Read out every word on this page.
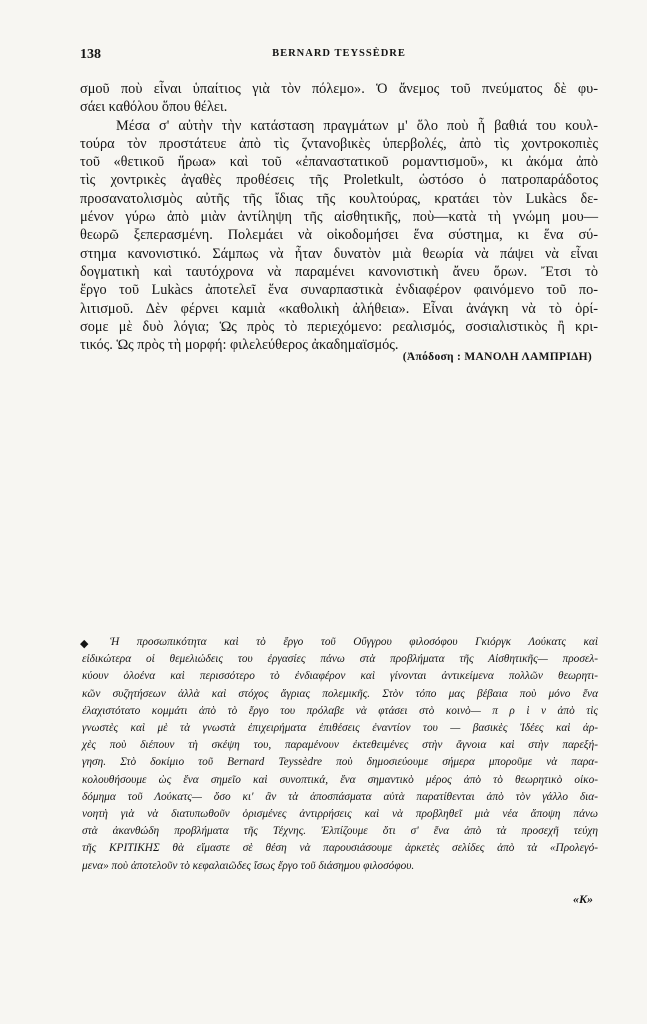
138	BERNARD TEYSSÈDRE
σμοῦ ποὺ εἶναι ὑπαίτιος γιὰ τὸν πόλεμο». Ὁ ἄνεμος τοῦ πνεύματος δὲ φυ-
σάει καθόλου ὅπου θέλει.
Μέσα σ' αὐτὴν τὴν κατάσταση πραγμάτων μ' ὅλο ποὺ ἦ βαθιά του κουλ-
τούρα τὸν προστάτευε ἀπὸ τὶς ζντανοβικὲς ὑπερβολές, ἀπὸ τὶς χοντροκοπιὲς
τοῦ «θετικοῦ ἥρωα» καὶ τοῦ «ἐπαναστατικοῦ ρομαντισμοῦ», κι ἀκόμα ἀπὸ
τὶς χοντρικὲς ἀγαθὲς προθέσεις τῆς Proletkult, ὡστόσο ὁ πατροπαράδοτος
προσανατολισμὸς αὐτῆς τῆς ἴδιας τῆς κουλτούρας, κρατάει τὸν Lukàcs δε-
μένον γύρω ἀπὸ μιὰν ἀντίληψη τῆς αἰσθητικῆς, ποὺ—κατὰ τὴ γνώμη μου—
θεωρῶ ξεπερασμένη. Πολεμάει νὰ οἰκοδομήσει ἕνα σύστημα, κι ἕνα σύ-
στημα κανονιστικό. Σάμπως νὰ ἦταν δυνατὸν μιὰ θεωρία νὰ πάψει νὰ εἶναι
δογματικὴ καὶ ταυτόχρονα νὰ παραμένει κανονιστικὴ ἄνευ ὅρων. Ἔτσι τὸ
ἔργο τοῦ Lukàcs ἀποτελεῖ ἕνα συναρπαστικὰ ἐνδιαφέρον φαινόμενο τοῦ πο-
λιτισμοῦ. Δὲν φέρνει καμιὰ «καθολικὴ ἀλήθεια». Εἶναι ἀνάγκη νὰ τὸ ὁρί-
σομε μὲ δυὸ λόγια; Ὡς πρὸς τὸ περιεχόμενο: ρεαλισμός, σοσιαλιστικὸς ἢ κρι-
τικός. Ὡς πρὸς τὴ μορφή: φιλελεύθερος ἀκαδημαϊσμός.
(Ἀπόδοση : ΜΑΝΟΛΗ ΛΑΜΠΡΙΔΗ)
◆	Ἡ προσωπικότητα καὶ τὸ ἔργο τοῦ Οὔγγρου φιλοσόφου Γκιόργκ Λούκατς καὶ
εἰδικώτερα οἱ θεμελιώδεις του ἐργασίες πάνω στὰ προβλήματα τῆς Αἰσθητικῆς— προσελ-
κύουν ὁλοένα καὶ περισσότερο τὸ ἐνδιαφέρον καὶ γίνονται ἀντικείμενα πολλῶν θεωρητι-
κῶν συζητήσεων ἀλλὰ καὶ στόχος ἄγριας πολεμικῆς. Στὸν τόπο μας βέβαια ποὺ μόνο ἕνα
ἐλαχιστότατο κομμάτι ἀπὸ τὸ ἔργο του πρόλαβε νὰ φτάσει στὸ κοινὸ— π ρ ὶ ν ἀπὸ τὶς
γνωστὲς καὶ μὲ τὰ γνωστὰ ἐπιχειρήματα ἐπιθέσεις ἐναντίον του — βασικὲς Ἰδέες καὶ ἀρ-
χὲς ποὺ διέπουν τὴ σκέψη του, παραμένουν ἐκτεθειμένες στὴν ἄγνοια καὶ στὴν παρεξή-
γηση. Στὸ δοκίμιο τοῦ Bernard Teyssèdre ποὺ δημοσιεύουμε σήμερα μποροῦμε νὰ παρα-
κολουθήσουμε ὡς ἕνα σημεῖο καὶ συνοπτικά, ἕνα σημαντικὸ μέρος ἀπὸ τὸ θεωρητικὸ οἰκο-
δόμημα τοῦ Λούκατς— ὅσο κι' ἂν τὰ ἀποσπάσματα αὐτὰ παρατίθενται ἀπὸ τὸν γάλλο δια-
νοητὴ γιὰ νὰ διατυπωθοῦν ὁρισμένες ἀντιρρήσεις καὶ νὰ προβληθεῖ μιὰ νέα ἄποψη πάνω
στὰ ἀκανθώδη προβλήματα τῆς Τέχνης. Ἐλπίζουμε ὅτι σ' ἕνα ἀπὸ τὰ προσεχῆ τεύχη
τῆς ΚΡΙΤΙΚΗΣ θὰ εἴμαστε σὲ θέση νὰ παρουσιάσουμε ἀρκετὲς σελίδες ἀπὸ τὰ «Προλεγό-
μενα» ποὺ ἀποτελοῦν τὸ κεφαλαιῶδες ἴσως ἔργο τοῦ διάσημου φιλοσόφου.
«Κ»
